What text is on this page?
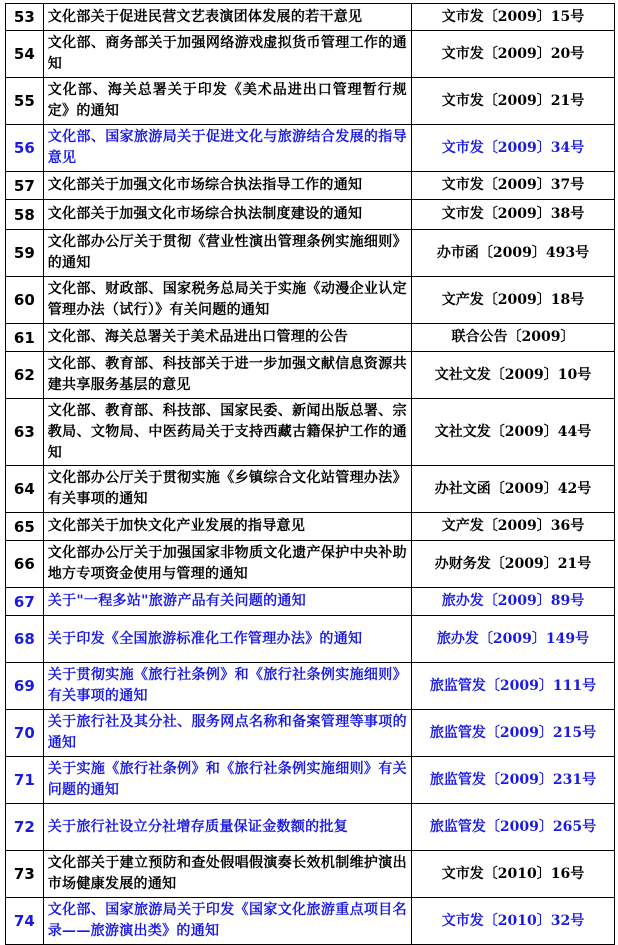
53	文化部关于促进民营文艺表演团体发展的若干意见	文市发〔2009〕15号
54	文化部、商务部关于加强网络游戏虚拟货币管理工作的通知	文市发〔2009〕20号
55	文化部、海关总署关于印发《美术品进出口管理暂行规定》的通知	文市发〔2009〕21号
56	文化部、国家旅游局关于促进文化与旅游结合发展的指导意见	文市发〔2009〕34号
57	文化部关于加强文化市场综合执法指导工作的通知	文市发〔2009〕37号
58	文化部关于加强文化市场综合执法制度建设的通知	文市发〔2009〕38号
59	文化部办公厅关于贯彻《营业性演出管理条例实施细则》的通知	办市函〔2009〕493号
60	文化部、财政部、国家税务总局关于实施《动漫企业认定管理办法（试行）》有关问题的通知	文产发〔2009〕18号
61	文化部、海关总署关于美术品进出口管理的公告	联合公告〔2009〕
62	文化部、教育部、科技部关于进一步加强文献信息资源共建共享服务基层的意见	文社文发〔2009〕10号
63	文化部、教育部、科技部、国家民委、新闻出版总署、宗教局、文物局、中医药局关于支持西藏古籍保护工作的通知	文社文发〔2009〕44号
64	文化部办公厅关于贯彻实施《乡镇综合文化站管理办法》有关事项的通知	办社文函〔2009〕42号
65	文化部关于加快文化产业发展的指导意见	文产发〔2009〕36号
66	文化部办公厅关于加强国家非物质文化遗产保护中央补助地方专项资金使用与管理的通知	办财务发〔2009〕21号
67	关于"一程多站"旅游产品有关问题的通知	旅办发〔2009〕89号
68	关于印发《全国旅游标准化工作管理办法》的通知	旅办发〔2009〕149号
69	关于贯彻实施《旅行社条例》和《旅行社条例实施细则》有关事项的通知	旅监管发〔2009〕111号
70	关于旅行社及其分社、服务网点名称和备案管理等事项的通知	旅监管发〔2009〕215号
71	关于实施《旅行社条例》和《旅行社条例实施细则》有关问题的通知	旅监管发〔2009〕231号
72	关于旅行社设立分社增存质量保证金数额的批复	旅监管发〔2009〕265号
73	文化部关于建立预防和查处假唱假演奏长效机制维护演出市场健康发展的通知	文市发〔2010〕16号
74	文化部、国家旅游局关于印发《国家文化旅游重点项目名录——旅游演出类》的通知	文市发〔2010〕32号
